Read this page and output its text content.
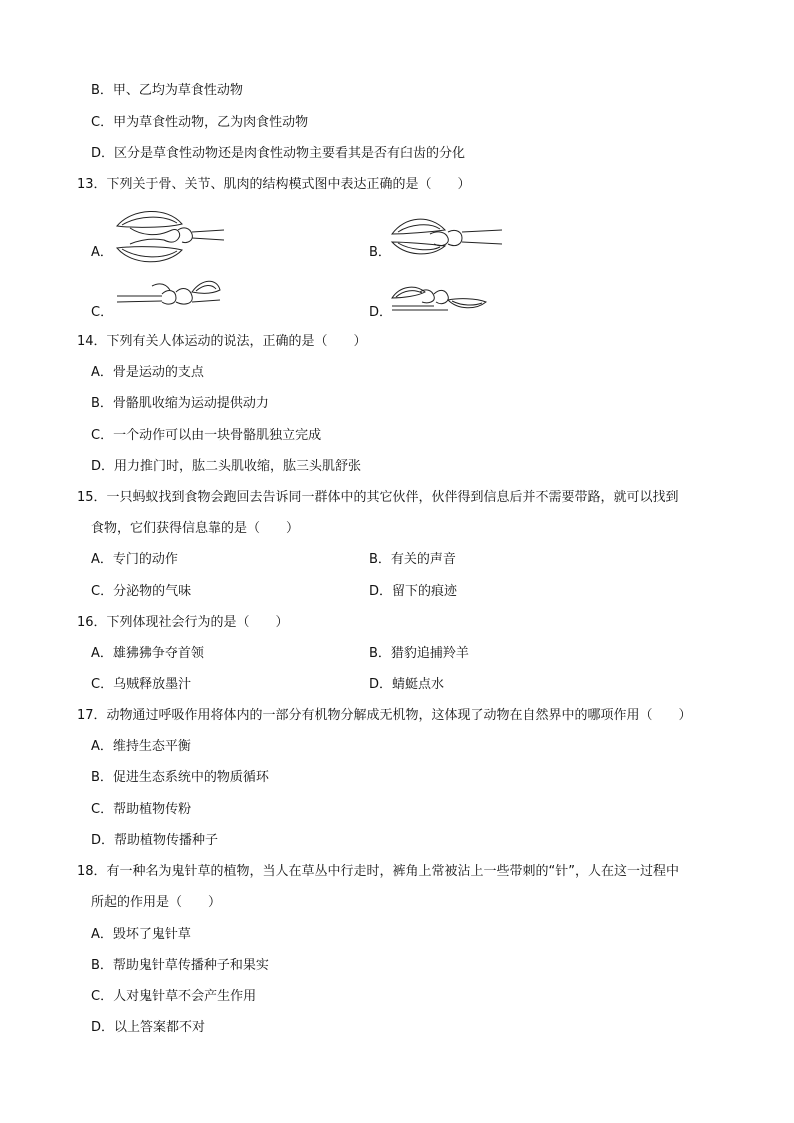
B．甲、乙均为草食性动物
C．甲为草食性动物，乙为肉食性动物
D．区分是草食性动物还是肉食性动物主要看其是否有臼齿的分化
13．下列关于骨、关节、肌肉的结构模式图中表达正确的是（　　）
A．	B．
C．	D．
14．下列有关人体运动的说法，正确的是（　　）
A．骨是运动的支点
B．骨骼肌收缩为运动提供动力
C．一个动作可以由一块骨骼肌独立完成
D．用力推门时，肱二头肌收缩，肱三头肌舒张
15．一只蚂蚁找到食物会跑回去告诉同一群体中的其它伙伴，伙伴得到信息后并不需要带路，就可以找到
食物，它们获得信息靠的是（　　）
A．专门的动作	B．有关的声音
C．分泌物的气味	D．留下的痕迹
16．下列体现社会行为的是（　　）
A．雄狒狒争夺首领	B．猎豹追捕羚羊
C．乌贼释放墨汁	D．蜻蜓点水
17．动物通过呼吸作用将体内的一部分有机物分解成无机物，这体现了动物在自然界中的哪项作用（　　）
A．维持生态平衡
B．促进生态系统中的物质循环
C．帮助植物传粉
D．帮助植物传播种子
18．有一种名为鬼针草的植物，当人在草丛中行走时，裤角上常被沾上一些带刺的“针”，人在这一过程中
所起的作用是（　　）
A．毁坏了鬼针草
B．帮助鬼针草传播种子和果实
C．人对鬼针草不会产生作用
D．以上答案都不对
